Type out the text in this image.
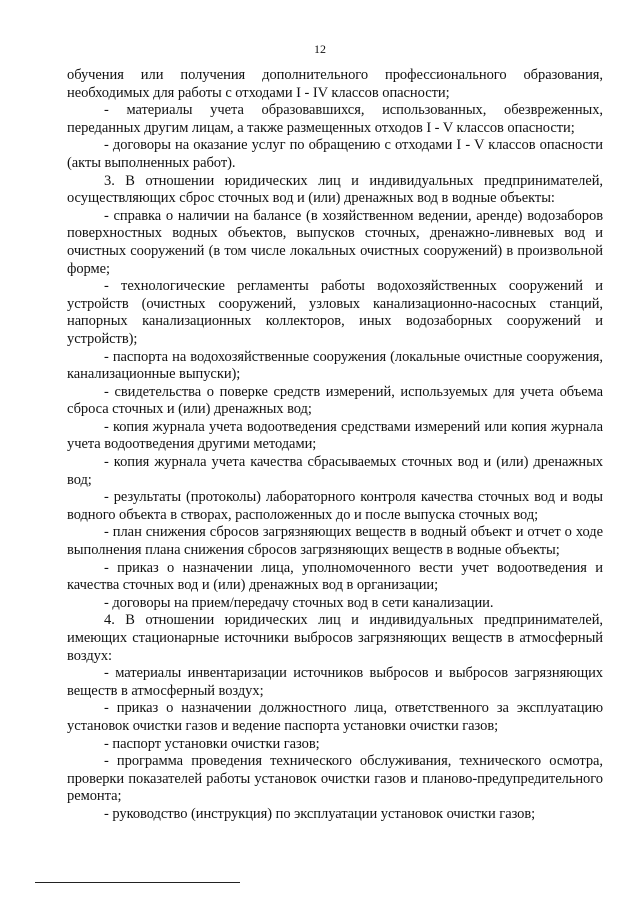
12

обучения или получения дополнительного профессионального образования, необходимых для работы с отходами I - IV классов опасности;

- материалы учета образовавшихся, использованных, обезвреженных, переданных другим лицам, а также размещенных отходов I - V классов опасности;

- договоры на оказание услуг по обращению с отходами I - V классов опасности (акты выполненных работ).

3. В отношении юридических лиц и индивидуальных предпринимателей, осуществляющих сброс сточных вод и (или) дренажных вод в водные объекты:

- справка о наличии на балансе (в хозяйственном ведении, аренде) водозаборов поверхностных водных объектов, выпусков сточных, дренажно-ливневых вод и очистных сооружений (в том числе локальных очистных сооружений) в произвольной форме;

- технологические регламенты работы водохозяйственных сооружений и устройств (очистных сооружений, узловых канализационно-насосных станций, напорных канализационных коллекторов, иных водозаборных сооружений и устройств);

- паспорта на водохозяйственные сооружения (локальные очистные сооружения, канализационные выпуски);

- свидетельства о поверке средств измерений, используемых для учета объема сброса сточных и (или) дренажных вод;

- копия журнала учета водоотведения средствами измерений или копия журнала учета водоотведения другими методами;

- копия журнала учета качества сбрасываемых сточных вод и (или) дренажных вод;

- результаты (протоколы) лабораторного контроля качества сточных вод и воды водного объекта в створах, расположенных до и после выпуска сточных вод;

- план снижения сбросов загрязняющих веществ в водный объект и отчет о ходе выполнения плана снижения сбросов загрязняющих веществ в водные объекты;

- приказ о назначении лица, уполномоченного вести учет водоотведения и качества сточных вод и (или) дренажных вод в организации;

- договоры на прием/передачу сточных вод в сети канализации.

4. В отношении юридических лиц и индивидуальных предпринимателей, имеющих стационарные источники выбросов загрязняющих веществ в атмосферный воздух:

- материалы инвентаризации источников выбросов и выбросов загрязняющих веществ в атмосферный воздух;

- приказ о назначении должностного лица, ответственного за эксплуатацию установок очистки газов и ведение паспорта установки очистки газов;

- паспорт установки очистки газов;

- программа проведения технического обслуживания, технического осмотра, проверки показателей работы установок очистки газов и планово-предупредительного ремонта;

- руководство (инструкция) по эксплуатации установок очистки газов;
